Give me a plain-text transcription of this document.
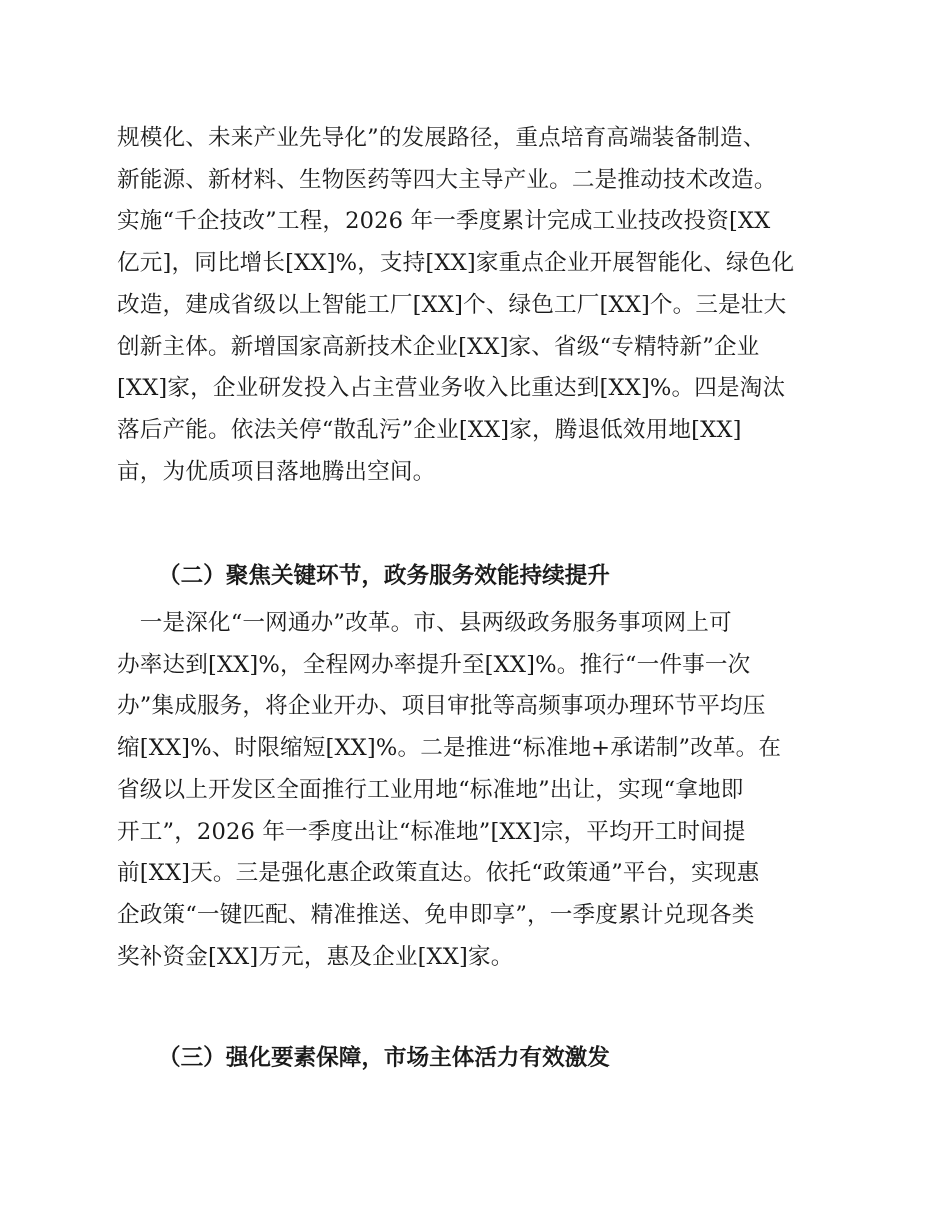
规模化、未来产业先导化”的发展路径，重点培育高端装备制造、
新能源、新材料、生物医药等四大主导产业。二是推动技术改造。
实施“千企技改”工程，2026 年一季度累计完成工业技改投资[XX
亿元]，同比增长[XX]%，支持[XX]家重点企业开展智能化、绿色化
改造，建成省级以上智能工厂[XX]个、绿色工厂[XX]个。三是壮大
创新主体。新增国家高新技术企业[XX]家、省级“专精特新”企业
[XX]家，企业研发投入占主营业务收入比重达到[XX]%。四是淘汰
落后产能。依法关停“散乱污”企业[XX]家，腾退低效用地[XX]
亩，为优质项目落地腾出空间。
（二）聚焦关键环节，政务服务效能持续提升
　一是深化“一网通办”改革。市、县两级政务服务事项网上可
办率达到[XX]%，全程网办率提升至[XX]%。推行“一件事一次
办”集成服务，将企业开办、项目审批等高频事项办理环节平均压
缩[XX]%、时限缩短[XX]%。二是推进“标准地+承诺制”改革。在
省级以上开发区全面推行工业用地“标准地”出让，实现“拿地即
开工”，2026 年一季度出让“标准地”[XX]宗，平均开工时间提
前[XX]天。三是强化惠企政策直达。依托“政策通”平台，实现惠
企政策“一键匹配、精准推送、免申即享”，一季度累计兑现各类
奖补资金[XX]万元，惠及企业[XX]家。
（三）强化要素保障，市场主体活力有效激发
